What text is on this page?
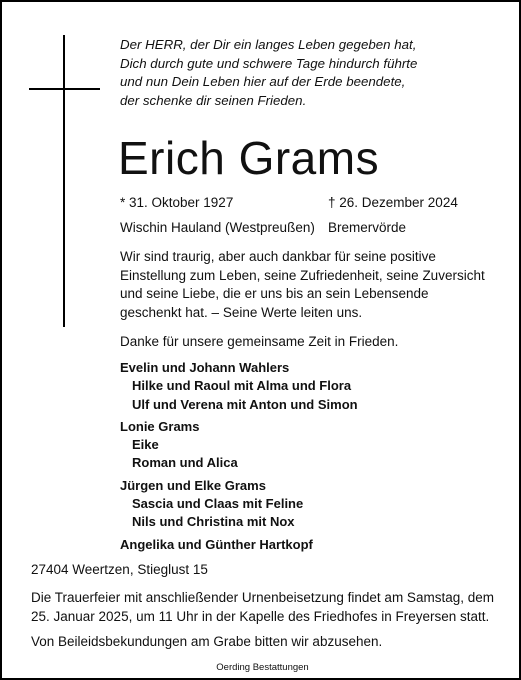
Der HERR, der Dir ein langes Leben gegeben hat,
Dich durch gute und schwere Tage hindurch führte
und nun Dein Leben hier auf der Erde beendete,
der schenke dir seinen Frieden.
Erich Grams
* 31. Oktober 1927
Wischin Hauland (Westpreußen)
† 26. Dezember 2024
Bremervörde
Wir sind traurig, aber auch dankbar für seine positive
Einstellung zum Leben, seine Zufriedenheit, seine Zuversicht
und seine Liebe, die er uns bis an sein Lebensende
geschenkt hat. – Seine Werte leiten uns.
Danke für unsere gemeinsame Zeit in Frieden.
Evelin und Johann Wahlers
Hilke und Raoul mit Alma und Flora
Ulf und Verena mit Anton und Simon
Lonie Grams
Eike
Roman und Alica
Jürgen und Elke Grams
Sascia und Claas mit Feline
Nils und Christina mit Nox
Angelika und Günther Hartkopf
27404 Weertzen, Stieglust 15
Die Trauerfeier mit anschließender Urnenbeisetzung findet am Samstag, dem
25. Januar 2025, um 11 Uhr in der Kapelle des Friedhofes in Freyersen statt.
Von Beileidsbekundungen am Grabe bitten wir abzusehen.
Oerding Bestattungen
